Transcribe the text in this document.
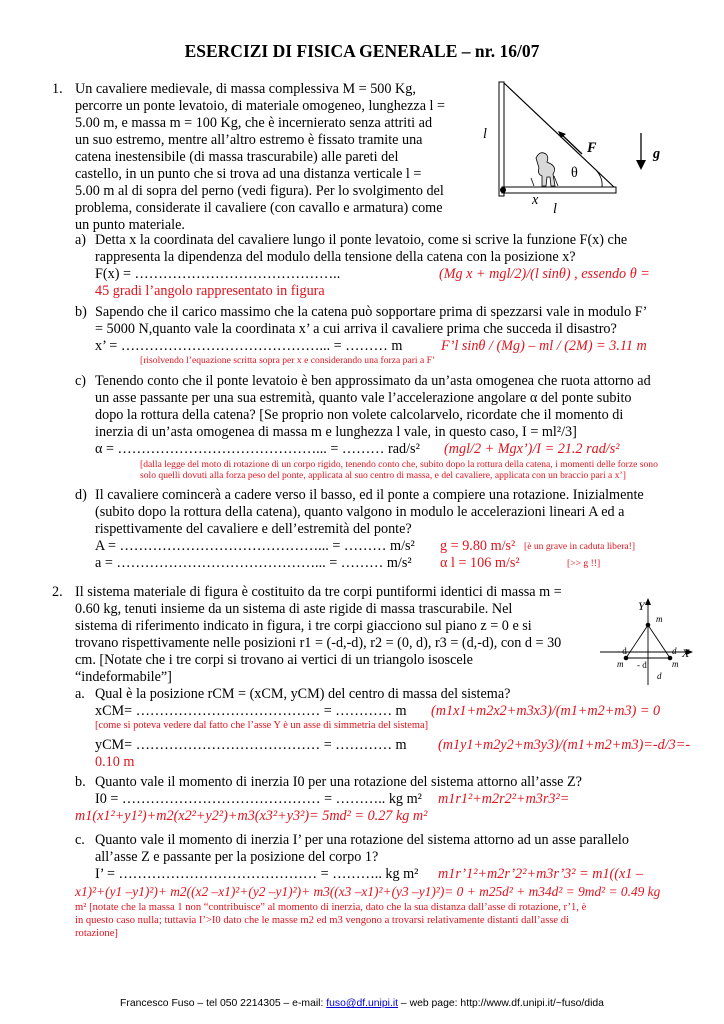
ESERCIZI DI FISICA GENERALE – nr. 16/07
1. Un cavaliere medievale, di massa complessiva M = 500 Kg,
percorre un ponte levatoio, di materiale omogeneo, lunghezza l =
5.00 m, e massa m = 100 Kg, che è incernierato senza attriti ad
un suo estremo, mentre all’altro estremo è fissato tramite una
catena inestensibile (di massa trascurabile) alle pareti del
castello, in un punto che si trova ad una distanza verticale l =
5.00 m al di sopra del perno (vedi figura). Per lo svolgimento del
problema, considerate il cavaliere (con cavallo e armatura) come
un punto materiale.
l
F
θ
x
l
g
a) Detta x la coordinata del cavaliere lungo il ponte levatoio, come si scrive la funzione F(x) che
rappresenta la dipendenza del modulo della tensione della catena con la posizione x?
F(x) = ……………………………………..	(Mg x + mgl/2)/(l sinθ) , essendo θ =
45 gradi l’angolo rappresentato in figura
b) Sapendo che il carico massimo che la catena può sopportare prima di spezzarsi vale in modulo F’
= 5000 N,quanto vale la coordinata x’ a cui arriva il cavaliere prima che succeda il disastro?
x’ = ……………………………………... = ……… m	F’l sinθ / (Mg) – ml / (2M) = 3.11 m
[risolvendo l’equazione scritta sopra per x e considerando una forza pari a F’
c) Tenendo conto che il ponte levatoio è ben approssimato da un’asta omogenea che ruota attorno ad
un asse passante per una sua estremità, quanto vale l’accelerazione angolare α del ponte subito
dopo la rottura della catena? [Se proprio non volete calcolarvelo, ricordate che il momento di
inerzia di un’asta omogenea di massa m e lunghezza l vale, in questo caso, I = ml²/3]
α = ……………………………………... = ……… rad/s² (mgl/2 + Mgx’)/I = 21.2 rad/s²
[dalla legge del moto di rotazione di un corpo rigido, tenendo conto che, subito dopo la rottura della catena, i momenti delle forze sono
solo quelli dovuti alla forza peso del ponte, applicata al suo centro di massa, e del cavaliere, applicata con un braccio pari a x’]
d) Il cavaliere comincerà a cadere verso il basso, ed il ponte a compiere una rotazione. Inizialmente
(subito dopo la rottura della catena), quanto valgono in modulo le accelerazioni lineari A ed a
rispettivamente del cavaliere e dell’estremità del ponte?
A = ……………………………………... = ……… m/s² g = 9.80 m/s² [è un grave in caduta libera!]
a = ……………………………………... = ……… m/s² α l = 106 m/s²	[>> g !!]
2. Il sistema materiale di figura è costituito da tre corpi puntiformi identici di massa m =
0.60 kg, tenuti insieme da un sistema di aste rigide di massa trascurabile. Nel
sistema di riferimento indicato in figura, i tre corpi giacciono sul piano z = 0 e si
trovano rispettivamente nelle posizioni r1 = (-d,-d), r2 = (0, d), r3 = (d,-d), con d = 30
cm. [Notate che i tre corpi si trovano ai vertici di un triangolo isoscele
“indeformabile”]
Y
X
m
- d	d
m - d	m
d
a. Qual è la posizione rCM = (xCM, yCM) del centro di massa del sistema?
xCM= ………………………………… = ………… m (m1x1+m2x2+m3x3)/(m1+m2+m3) = 0
[come si poteva vedere dal fatto che l’asse Y è un asse di simmetria del sistema]
yCM= ………………………………… = ………… m (m1y1+m2y2+m3y3)/(m1+m2+m3)=-d/3=-
0.10 m
b. Quanto vale il momento di inerzia I0 per una rotazione del sistema attorno all’asse Z?
I0 = …………………………………… = ……….. kg m² m1r1²+m2r2²+m3r3²=
m1(x1²+y1²)+m2(x2²+y2²)+m3(x3²+y3²)= 5md² = 0.27 kg m²
c. Quanto vale il momento di inerzia I’ per una rotazione del sistema attorno ad un asse parallelo
all’asse Z e passante per la posizione del corpo 1?
I’ = …………………………………… = ……….. kg m² m1r’1²+m2r’2²+m3r’3² = m1((x1 –
x1)²+(y1 –y1)²)+ m2((x2 –x1)²+(y2 –y1)²)+ m3((x3 –x1)²+(y3 –y1)²)= 0 + m25d² + m34d² = 9md² = 0.49 kg
m² [notate che la massa 1 non “contribuisce” al momento di inerzia, dato che la sua distanza dall’asse di rotazione, r’1, è
in questo caso nulla; tuttavia I’>I0 dato che le masse m2 ed m3 vengono a trovarsi relativamente distanti dall’asse di
rotazione]
Francesco Fuso – tel 050 2214305 – e-mail: fuso@df.unipi.it – web page: http://www.df.unipi.it/~fuso/dida
